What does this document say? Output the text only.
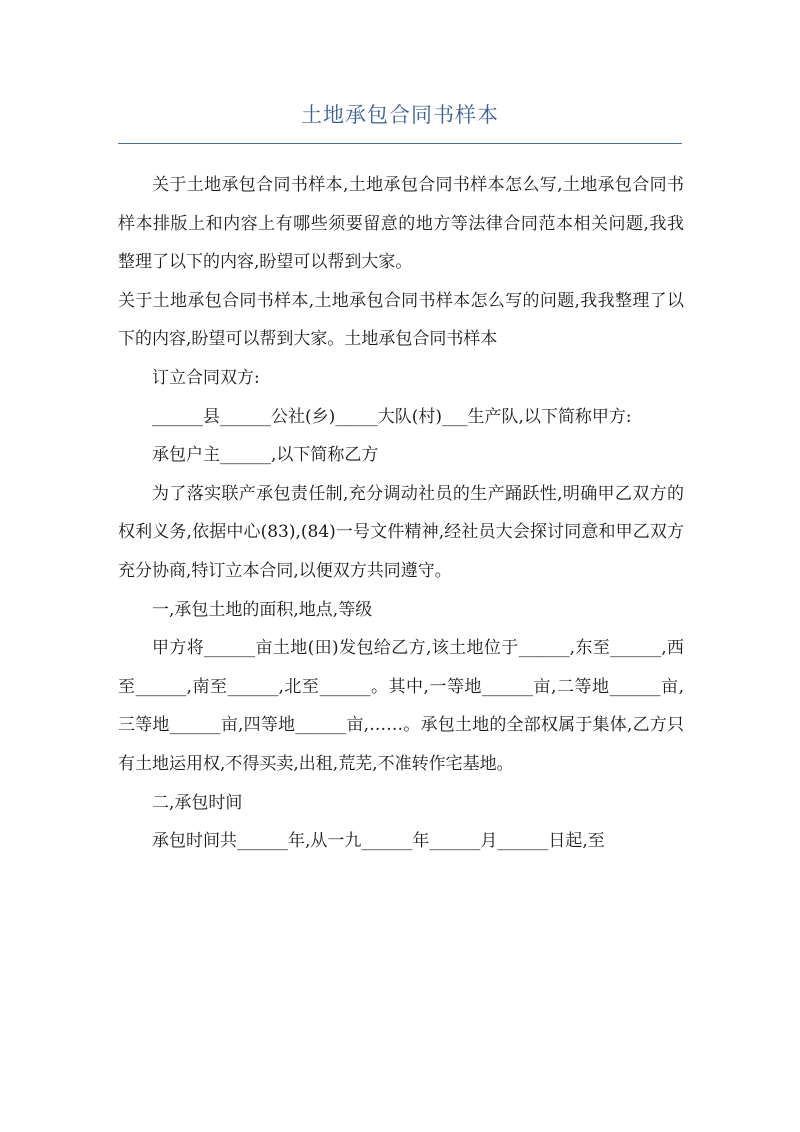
土地承包合同书样本

关于土地承包合同书样本,土地承包合同书样本怎么写,土地承包合同书样本排版上和内容上有哪些须要留意的地方等法律合同范本相关问题,我我整理了以下的内容,盼望可以帮到大家。

关于土地承包合同书样本,土地承包合同书样本怎么写的问题,我我整理了以下的内容,盼望可以帮到大家。土地承包合同书样本

订立合同双方:

______县______公社(乡)_____大队(村)___生产队,以下简称甲方:

承包户主______,以下简称乙方

为了落实联产承包责任制,充分调动社员的生产踊跃性,明确甲乙双方的权利义务,依据中心(83),(84)一号文件精神,经社员大会探讨同意和甲乙双方充分协商,特订立本合同,以便双方共同遵守。

一,承包土地的面积,地点,等级

甲方将______亩土地(田)发包给乙方,该土地位于______,东至______,西至______,南至______,北至______。其中,一等地______亩,二等地______亩,三等地______亩,四等地______亩,……。承包土地的全部权属于集体,乙方只有土地运用权,不得买卖,出租,荒芜,不准转作宅基地。

二,承包时间

承包时间共______年,从一九______年______月______日起,至
